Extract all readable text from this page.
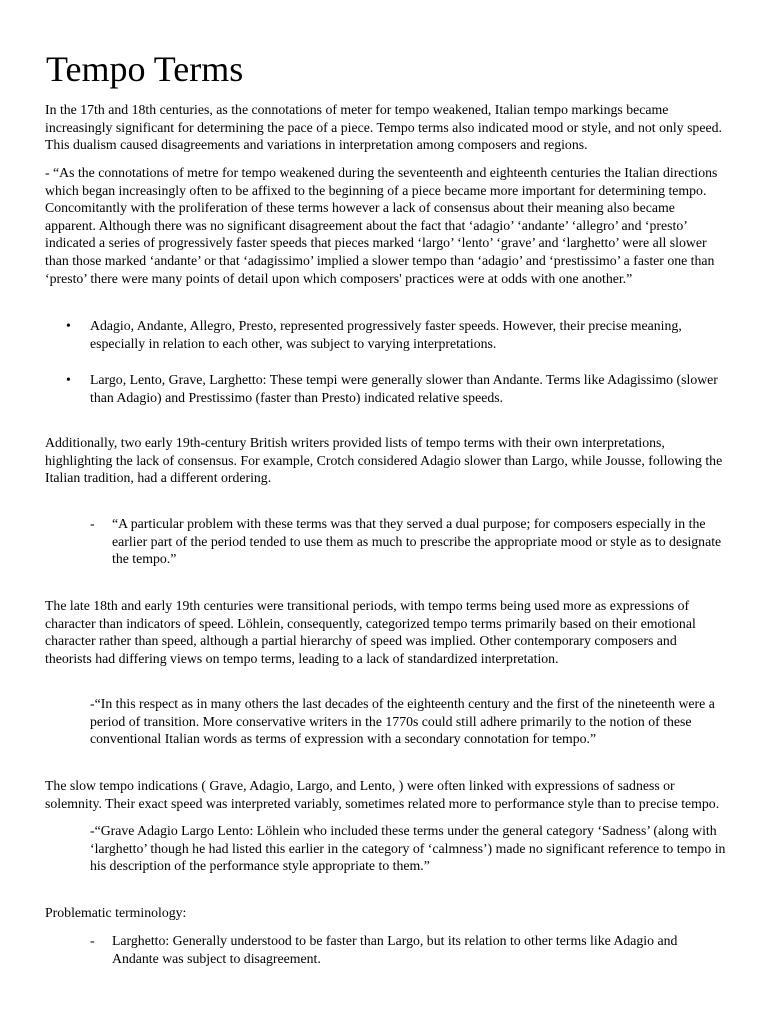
Tempo Terms

In the 17th and 18th centuries, as the connotations of meter for tempo weakened, Italian tempo markings became increasingly significant for determining the pace of a piece. Tempo terms also indicated mood or style, and not only speed. This dualism caused disagreements and variations in interpretation among composers and regions.

- “As the connotations of metre for tempo weakened during the seventeenth and eighteenth centuries the Italian directions which began increasingly often to be affixed to the beginning of a piece became more important for determining tempo. Concomitantly with the proliferation of these terms however a lack of consensus about their meaning also became apparent. Although there was no significant disagreement about the fact that ‘adagio’ ‘andante’ ‘allegro’ and ‘presto’ indicated a series of progressively faster speeds that pieces marked ‘largo’ ‘lento’ ‘grave’ and ‘larghetto’ were all slower than those marked ‘andante’ or that ‘adagissimo’ implied a slower tempo than ‘adagio’ and ‘prestissimo’ a faster one than ‘presto’ there were many points of detail upon which composers' practices were at odds with one another.”

• Adagio, Andante, Allegro, Presto, represented progressively faster speeds. However, their precise meaning, especially in relation to each other, was subject to varying interpretations.
• Largo, Lento, Grave, Larghetto: These tempi were generally slower than Andante. Terms like Adagissimo (slower than Adagio) and Prestissimo (faster than Presto) indicated relative speeds.

Additionally, two early 19th-century British writers provided lists of tempo terms with their own interpretations, highlighting the lack of consensus. For example, Crotch considered Adagio slower than Largo, while Jousse, following the Italian tradition, had a different ordering.

- “A particular problem with these terms was that they served a dual purpose; for composers especially in the earlier part of the period tended to use them as much to prescribe the appropriate mood or style as to designate the tempo.”

The late 18th and early 19th centuries were transitional periods, with tempo terms being used more as expressions of character than indicators of speed. Löhlein, consequently, categorized tempo terms primarily based on their emotional character rather than speed, although a partial hierarchy of speed was implied. Other contemporary composers and theorists had differing views on tempo terms, leading to a lack of standardized interpretation.

-“In this respect as in many others the last decades of the eighteenth century and the first of the nineteenth were a period of transition. More conservative writers in the 1770s could still adhere primarily to the notion of these conventional Italian words as terms of expression with a secondary connotation for tempo.”

The slow tempo indications ( Grave, Adagio, Largo, and Lento, ) were often linked with expressions of sadness or solemnity. Their exact speed was interpreted variably, sometimes related more to performance style than to precise tempo.

-“Grave Adagio Largo Lento: Löhlein who included these terms under the general category ‘Sadness’ (along with ‘larghetto’ though he had listed this earlier in the category of ‘calmness’) made no significant reference to tempo in his description of the performance style appropriate to them.”

Problematic terminology:

- Larghetto: Generally understood to be faster than Largo, but its relation to other terms like Adagio and Andante was subject to disagreement.
